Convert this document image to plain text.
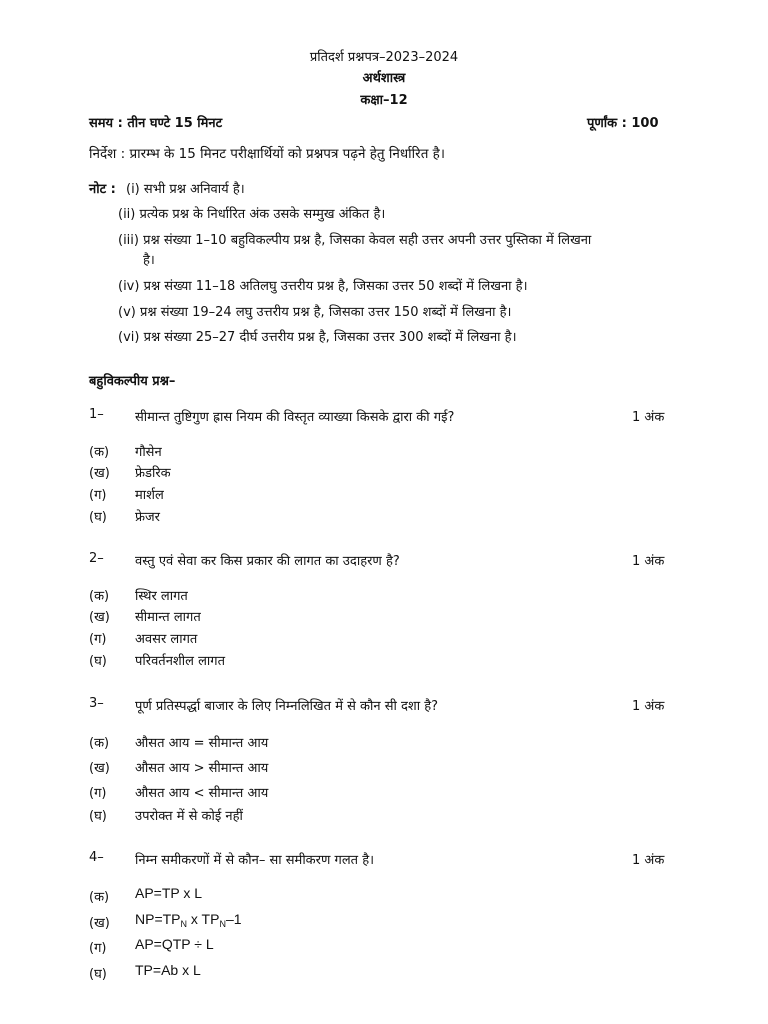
प्रतिदर्श प्रश्नपत्र–2023–2024
अर्थशास्त्र
कक्षा–12
समय : तीन घण्टे 15 मिनट	पूर्णांक : 100
निर्देश : प्रारम्भ के 15 मिनट परीक्षार्थियों को प्रश्नपत्र पढ़ने हेतु निर्धारित है।
नोट : (i) सभी प्रश्न अनिवार्य है।
(ii) प्रत्येक प्रश्न के निर्धारित अंक उसके सम्मुख अंकित है।
(iii) प्रश्न संख्या 1–10 बहुविकल्पीय प्रश्न है, जिसका केवल सही उत्तर अपनी उत्तर पुस्तिका में लिखना
है।
(iv) प्रश्न संख्या 11–18 अतिलघु उत्तरीय प्रश्न है, जिसका उत्तर 50 शब्दों में लिखना है।
(v) प्रश्न संख्या 19–24 लघु उत्तरीय प्रश्न है, जिसका उत्तर 150 शब्दों में लिखना है।
(vi) प्रश्न संख्या 25–27 दीर्घ उत्तरीय प्रश्न है, जिसका उत्तर 300 शब्दों में लिखना है।
बहुविकल्पीय प्रश्न–
1– सीमान्त तुष्टिगुण ह्रास नियम की विस्तृत व्याख्या किसके द्वारा की गई?	1 अंक
(क) गौसेन
(ख) फ्रेडरिक
(ग) मार्शल
(घ) फ्रेजर
2– वस्तु एवं सेवा कर किस प्रकार की लागत का उदाहरण है?	1 अंक
(क) स्थिर लागत
(ख) सीमान्त लागत
(ग) अवसर लागत
(घ) परिवर्तनशील लागत
3– पूर्ण प्रतिस्पर्द्धा बाजार के लिए निम्नलिखित में से कौन सी दशा है?	1 अंक
(क) औसत आय = सीमान्त आय
(ख) औसत आय > सीमान्त आय
(ग) औसत आय < सीमान्त आय
(घ) उपरोक्त में से कोई नहीं
4– निम्न समीकरणों में से कौन– सा समीकरण गलत है।	1 अंक
(क) AP=TP x L
(ख) $NP=TP_N$ x $TP_N-1$
(ग) AP=QTP ÷ L
(घ) TP=Ab x L
